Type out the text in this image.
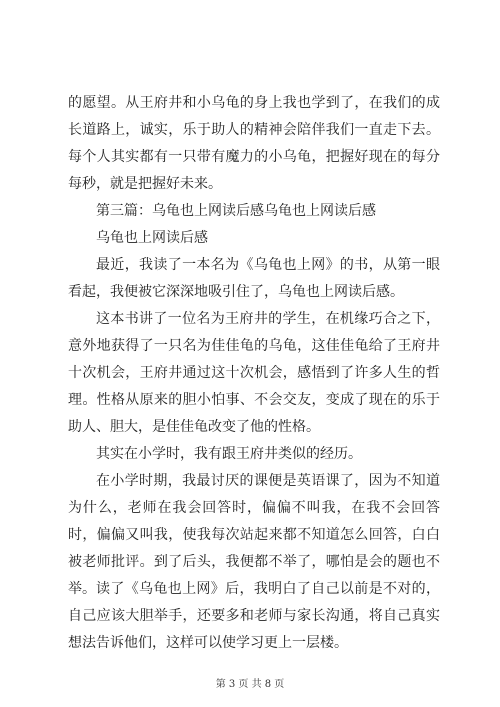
的愿望。从王府井和小乌龟的身上我也学到了，在我们的成长道路上，诚实，乐于助人的精神会陪伴我们一直走下去。每个人其实都有一只带有魔力的小乌龟，把握好现在的每分每秒，就是把握好未来。

第三篇：乌龟也上网读后感乌龟也上网读后感

乌龟也上网读后感

最近，我读了一本名为《乌龟也上网》的书，从第一眼看起，我便被它深深地吸引住了，乌龟也上网读后感。

这本书讲了一位名为王府井的学生，在机缘巧合之下，意外地获得了一只名为佳佳龟的乌龟，这佳佳龟给了王府井十次机会，王府井通过这十次机会，感悟到了许多人生的哲理。性格从原来的胆小怕事、不会交友，变成了现在的乐于助人、胆大，是佳佳龟改变了他的性格。

其实在小学时，我有跟王府井类似的经历。

在小学时期，我最讨厌的课便是英语课了，因为不知道为什么，老师在我会回答时，偏偏不叫我，在我不会回答时，偏偏又叫我，使我每次站起来都不知道怎么回答，白白被老师批评。到了后头，我便都不举了，哪怕是会的题也不举。 读了《乌龟也上网》后，我明白了自己以前是不对的，自己应该大胆举手，还要多和老师与家长沟通，将自己真实想法告诉他们，这样可以使学习更上一层楼。

第 3 页 共 8 页
